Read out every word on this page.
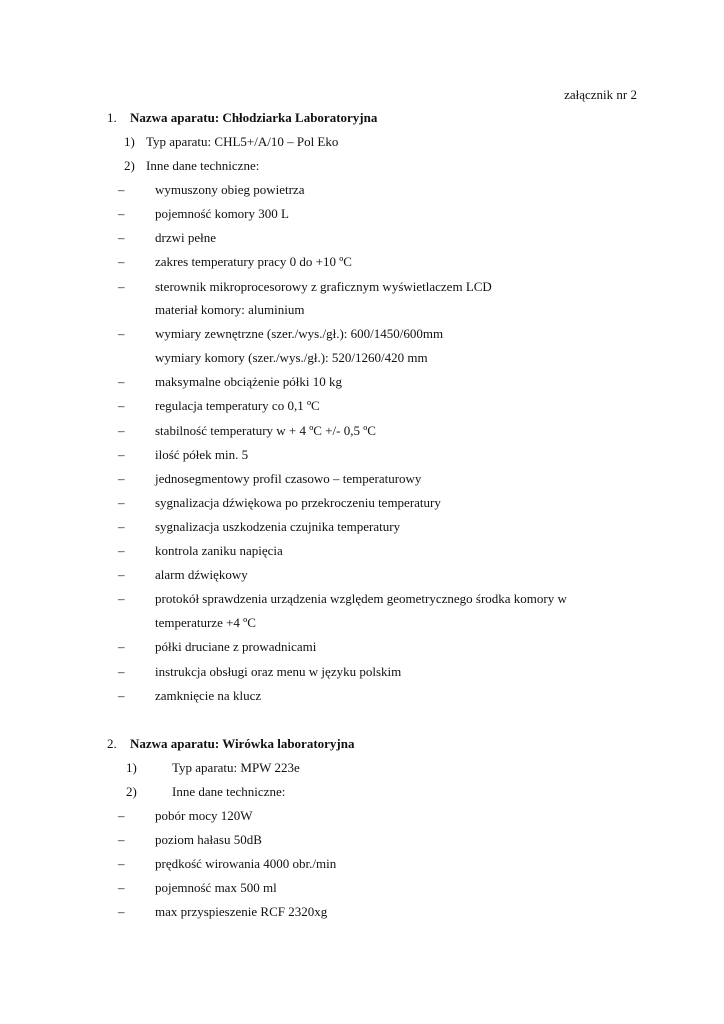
załącznik nr 2
1. Nazwa aparatu: Chłodziarka Laboratoryjna
1) Typ aparatu: CHL5+/A/10 – Pol Eko
2) Inne dane techniczne:
– wymuszony obieg powietrza
– pojemność komory 300 L
– drzwi pełne
– zakres temperatury pracy 0 do +10 ºC
– sterownik mikroprocesorowy z graficznym wyświetlaczem LCD
materiał komory: aluminium
– wymiary zewnętrzne (szer./wys./gł.): 600/1450/600mm
wymiary komory (szer./wys./gł.): 520/1260/420 mm
– maksymalne obciążenie półki 10 kg
– regulacja temperatury co 0,1 ºC
– stabilność temperatury w + 4 ºC +/- 0,5 ºC
– ilość półek min. 5
– jednosegmentowy profil czasowo – temperaturowy
– sygnalizacja dźwiękowa po przekroczeniu temperatury
– sygnalizacja uszkodzenia czujnika temperatury
– kontrola zaniku napięcia
– alarm dźwiękowy
– protokół sprawdzenia urządzenia względem geometrycznego środka komory w
temperaturze +4 ºC
– półki druciane z prowadnicami
– instrukcja obsługi oraz menu w języku polskim
– zamknięcie na klucz
2. Nazwa aparatu: Wirówka laboratoryjna
1)	Typ aparatu: MPW 223e
2)	Inne dane techniczne:
– pobór mocy 120W
– poziom hałasu 50dB
– prędkość wirowania 4000 obr./min
– pojemność max 500 ml
– max przyspieszenie RCF 2320xg
